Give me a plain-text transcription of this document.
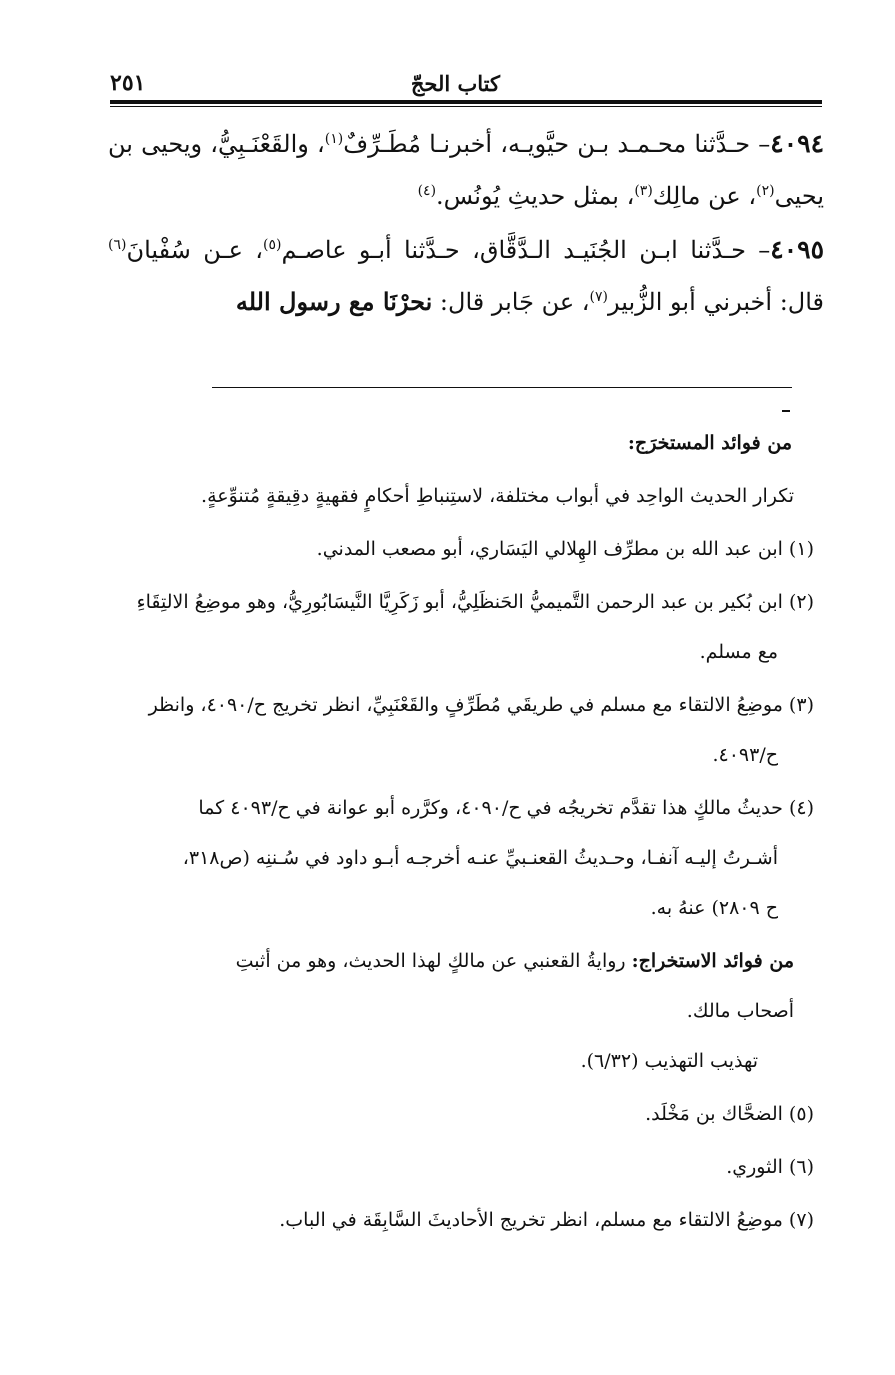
كتاب الحجّ
٢٥١

٤٠٩٤– حـدَّثنا محـمـد بـن حيَّويـه، أخبرنـا مُطَـرِّفٌ$^{(١)}$، والقَعْنَـبِيُّ، ويحيى بن يحيى$^{(٢)}$، عن مالِك$^{(٣)}$، بمثل حديثِ يُونُس.$^{(٤)}$

٤٠٩٥– حـدَّثنا ابـن الجُنَيـد الـدَّقَّاق، حـدَّثنا أبـو عاصـم$^{(٥)}$، عـن سُفْيانَ$^{(٦)}$ قال: أخبرني أبو الزُّبير$^{(٧)}$، عن جَابر قال: نحرْنَا مع رسول الله

من فوائد المستخرَج:

تكرار الحديث الواحِد في أبواب مختلفة، لاستِنباطِ أحكامٍ فقهيةٍ دقِيقةٍ مُتنوِّعةٍ.

(١) ابن عبد الله بن مطرِّف الهِلالي اليَسَاري، أبو مصعب المدني.

(٢) ابن بُكير بن عبد الرحمن التَّميميُّ الحَنظَلِيُّ، أبو زَكَرِيَّا النَّيسَابُورِيُّ، وهو موضِعُ الالتِقَاءِ
مع مسلم.

(٣) موضِعُ الالتقاء مع مسلم في طريقَي مُطَرِّفٍ والقَعْنَبِيِّ، انظر تخريج ح/٤٠٩٠، وانظر
ح/٤٠٩٣.

(٤) حديثُ مالكٍ هذا تقدَّم تخريجُه في ح/٤٠٩٠، وكرَّره أبو عوانة في ح/٤٠٩٣ كما
أشـرتُ إليـه آنفـا، وحـديثُ القعنـبيِّ عنـه أخرجـه أبـو داود في سُـننِه (ص٣١٨،
ح ٢٨٠٩) عنهُ به.

من فوائد الاستخراج: روايةُ القعنبي عن مالكٍ لهذا الحديث، وهو من أثبتِ
أصحاب مالك.
تهذيب التهذيب (٦/٣٢).

(٥) الضحَّاك بن مَخْلَد.

(٦) الثوري.

(٧) موضِعُ الالتقاء مع مسلم، انظر تخريج الأحاديثَ السَّابِقَة في الباب.
